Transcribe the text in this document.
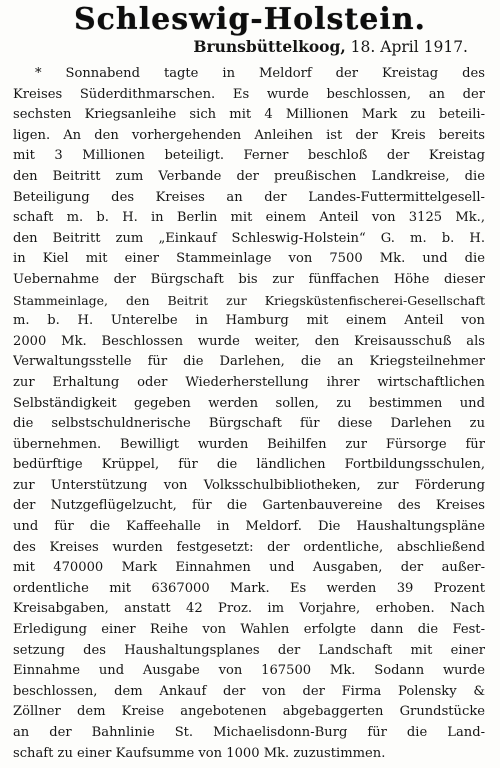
Schleswig-Holstein.
Brunsbüttelkoog, 18. April 1917.
* Sonnabend tagte in Meldorf der Kreistag des
Kreises Süderdithmarschen. Es wurde beschlossen, an der
sechsten Kriegsanleihe sich mit 4 Millionen Mark zu beteili-
ligen. An den vorhergehenden Anleihen ist der Kreis bereits
mit 3 Millionen beteiligt. Ferner beschloß der Kreistag
den Beitritt zum Verbande der preußischen Landkreise, die
Beteiligung des Kreises an der Landes-Futtermittelgesell-
schaft m. b. H. in Berlin mit einem Anteil von 3125 Mk.,
den Beitritt zum „Einkauf Schleswig-Holstein“ G. m. b. H.
in Kiel mit einer Stammeinlage von 7500 Mk. und die
Uebernahme der Bürgschaft bis zur fünffachen Höhe dieser
Stammeinlage, den Beitrit zur Kriegsküstenfischerei-Gesellschaft
m. b. H. Unterelbe in Hamburg mit einem Anteil von
2000 Mk. Beschlossen wurde weiter, den Kreisausschuß als
Verwaltungsstelle für die Darlehen, die an Kriegsteilnehmer
zur Erhaltung oder Wiederherstellung ihrer wirtschaftlichen
Selbständigkeit gegeben werden sollen, zu bestimmen und
die selbstschuldnerische Bürgschaft für diese Darlehen zu
übernehmen. Bewilligt wurden Beihilfen zur Fürsorge für
bedürftige Krüppel, für die ländlichen Fortbildungsschulen,
zur Unterstützung von Volksschulbibliotheken, zur Förderung
der Nutzgeflügelzucht, für die Gartenbauvereine des Kreises
und für die Kaffeehalle in Meldorf. Die Haushaltungspläne
des Kreises wurden festgesetzt: der ordentliche, abschließend
mit 470000 Mark Einnahmen und Ausgaben, der außer-
ordentliche mit 6367000 Mark. Es werden 39 Prozent
Kreisabgaben, anstatt 42 Proz. im Vorjahre, erhoben. Nach
Erledigung einer Reihe von Wahlen erfolgte dann die Fest-
setzung des Haushaltungsplanes der Landschaft mit einer
Einnahme und Ausgabe von 167500 Mk. Sodann wurde
beschlossen, dem Ankauf der von der Firma Polensky &
Zöllner dem Kreise angebotenen abgebaggerten Grundstücke
an der Bahnlinie St. Michaelisdonn-Burg für die Land-
schaft zu einer Kaufsumme von 1000 Mk. zuzustimmen.
